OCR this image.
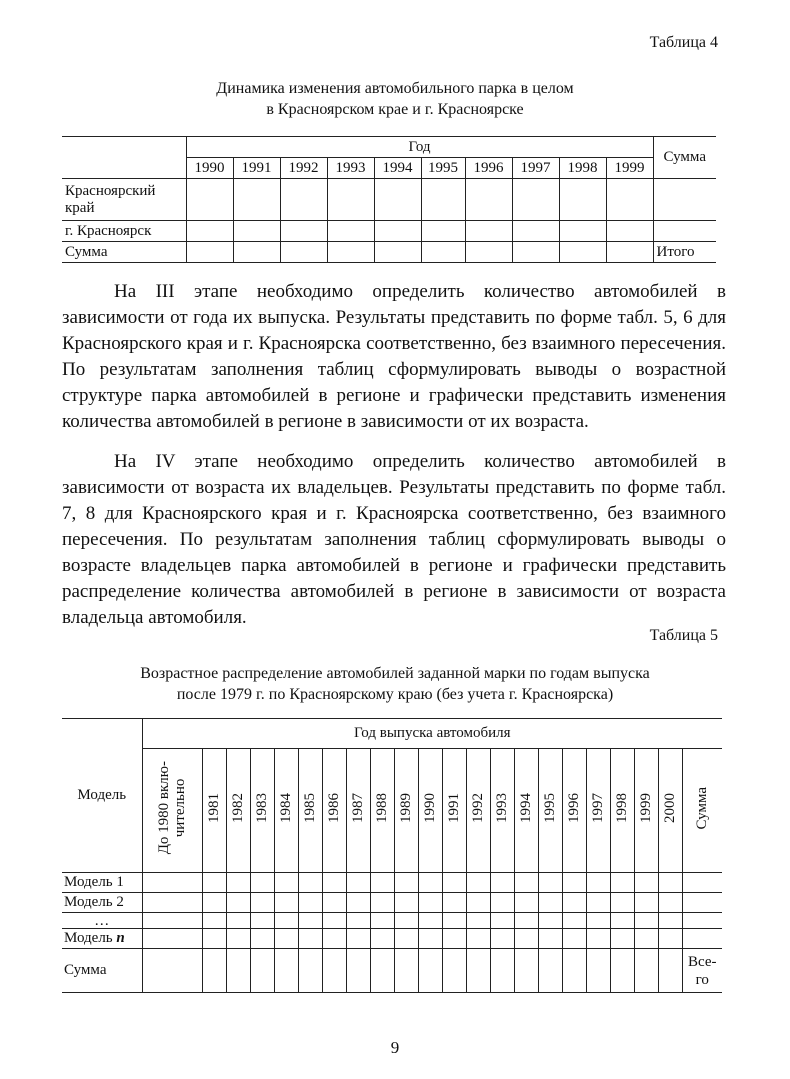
Таблица 4
Динамика изменения автомобильного парка в целом
в Красноярском крае и г. Красноярске
	Год										Сумма
	1990	1991	1992	1993	1994	1995	1996	1997	1998	1999	

Красноярский
край											

г. Красноярск											
Сумма											Итого

На III этапе необходимо определить количество автомобилей в зависимости от года их выпуска. Результаты представить по форме табл. 5, 6 для Красноярского края и г. Красноярска соответственно, без взаимного пересечения. По результатам заполнения таблиц сформулировать выводы о возрастной структуре парка автомобилей в регионе и графически представить изменения количества автомобилей в регионе в зависимости от их возраста.

На IV этапе необходимо определить количество автомобилей в зависимости от возраста их владельцев. Результаты представить по форме табл. 7, 8 для Красноярского края и г. Красноярска соответственно, без взаимного пересечения. По результатам заполнения таблиц сформулировать выводы о возрасте владельцев парка автомобилей в регионе и графически представить распределение количества автомобилей в регионе в зависимости от возраста владельца автомобиля.

Таблица 5
Возрастное распределение автомобилей заданной марки по годам выпуска
после 1979 г. по Красноярскому краю (без учета г. Красноярска)
Модель	Год выпуска автомобиля																					
	До 1980 вклю-
чительно	1981	1982	1983	1984	1985	1986	1987	1988	1989	1990	1991	1992	1993	1994	1995	1996	1997	1998	1999	2000	Сумма
Модель 1																						
Модель 2																						
…																						
Модель n																						
Сумма																						Все-
го
9
